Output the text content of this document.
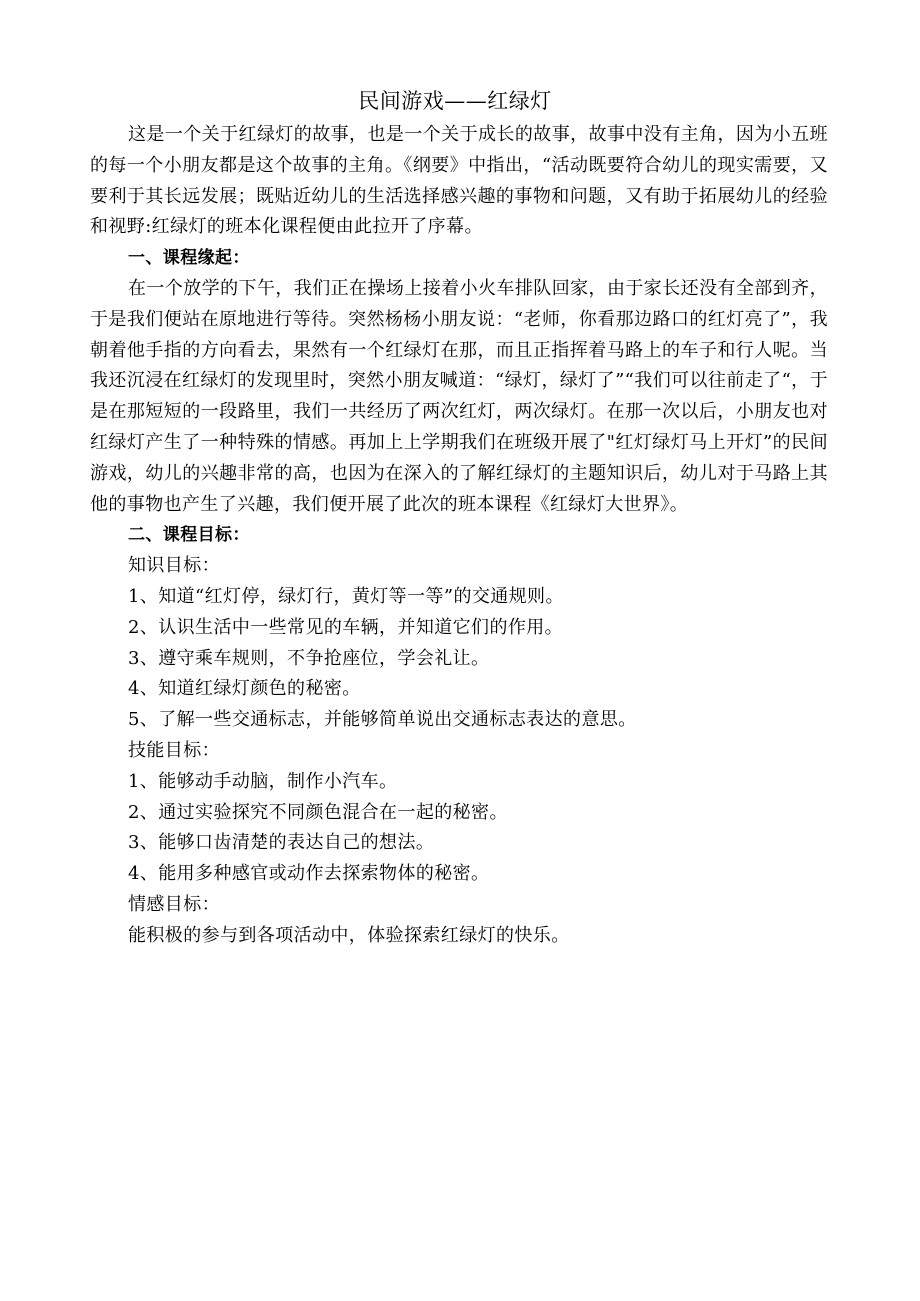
民间游戏——红绿灯

这是一个关于红绿灯的故事，也是一个关于成长的故事，故事中没有主角，因为小五班的每一个小朋友都是这个故事的主角。《纲要》中指出，“活动既要符合幼儿的现实需要，又要利于其长远发展；既贴近幼儿的生活选择感兴趣的事物和问题，又有助于拓展幼儿的经验和视野:红绿灯的班本化课程便由此拉开了序幕。

一、课程缘起：

在一个放学的下午，我们正在操场上接着小火车排队回家，由于家长还没有全部到齐，于是我们便站在原地进行等待。突然杨杨小朋友说：“老师，你看那边路口的红灯亮了”，我朝着他手指的方向看去，果然有一个红绿灯在那，而且正指挥着马路上的车子和行人呢。当我还沉浸在红绿灯的发现里时，突然小朋友喊道：“绿灯，绿灯了”“我们可以往前走了“，于是在那短短的一段路里，我们一共经历了两次红灯，两次绿灯。在那一次以后，小朋友也对红绿灯产生了一种特殊的情感。再加上上学期我们在班级开展了"红灯绿灯马上开灯”的民间游戏，幼儿的兴趣非常的高，也因为在深入的了解红绿灯的主题知识后，幼儿对于马路上其他的事物也产生了兴趣，我们便开展了此次的班本课程《红绿灯大世界》。

二、课程目标：

知识目标：

1、知道“红灯停，绿灯行，黄灯等一等”的交通规则。

2、认识生活中一些常见的车辆，并知道它们的作用。

3、遵守乘车规则，不争抢座位，学会礼让。

4、知道红绿灯颜色的秘密。

5、了解一些交通标志，并能够简单说出交通标志表达的意思。

技能目标：

1、能够动手动脑，制作小汽车。

2、通过实验探究不同颜色混合在一起的秘密。

3、能够口齿清楚的表达自己的想法。

4、能用多种感官或动作去探索物体的秘密。

情感目标：

能积极的参与到各项活动中，体验探索红绿灯的快乐。
